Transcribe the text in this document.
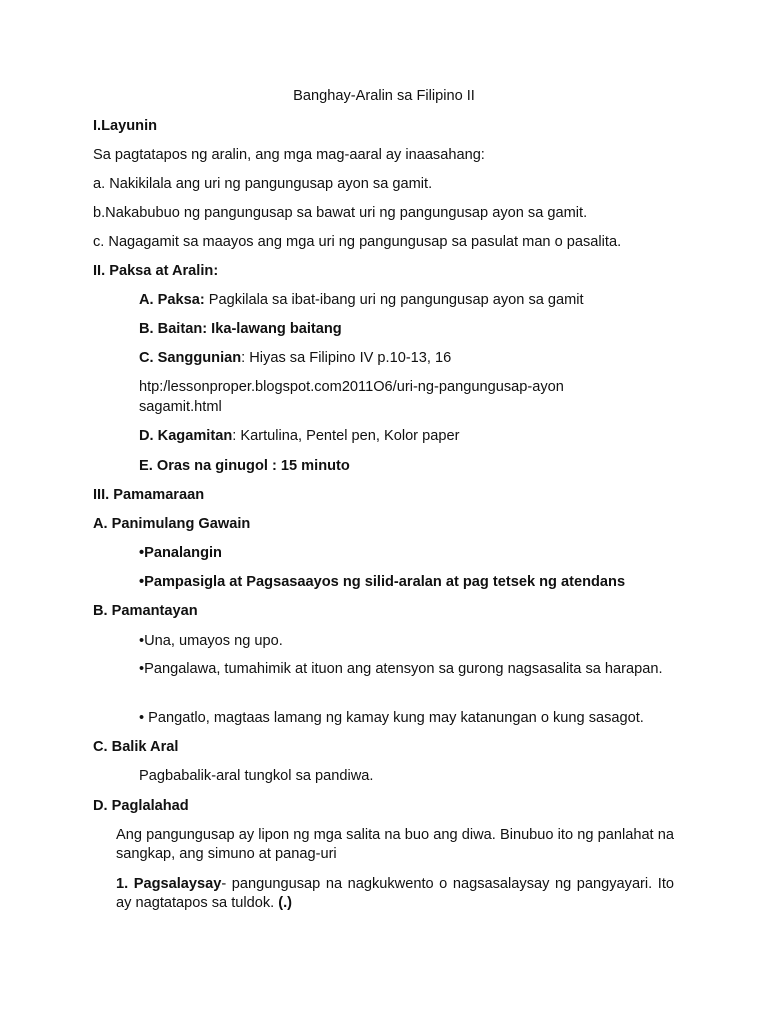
Banghay-Aralin sa Filipino II
I.Layunin
Sa pagtatapos ng aralin, ang mga mag-aaral ay inaasahang:
a. Nakikilala ang uri ng pangungusap ayon sa gamit.
b.Nakabubuo ng pangungusap sa bawat uri ng pangungusap ayon sa gamit.
c. Nagagamit sa maayos ang mga uri ng pangungusap sa pasulat man o pasalita.
II. Paksa at Aralin:
A. Paksa: Pagkilala sa ibat-ibang uri ng pangungusap ayon sa gamit
B. Baitan: Ika-lawang baitang
C. Sanggunian: Hiyas sa Filipino IV p.10-13, 16
htp:/lessonproper.blogspot.com2011O6/uri-ng-pangungusap-ayon
sagamit.html
D. Kagamitan: Kartulina, Pentel pen, Kolor paper
E. Oras na ginugol : 15 minuto
III. Pamamaraan
A. Panimulang Gawain
•Panalangin
•Pampasigla at Pagsasaayos ng silid-aralan at pag tetsek ng atendans
B. Pamantayan
•Una, umayos ng upo.
•Pangalawa, tumahimik at ituon ang atensyon sa gurong nagsasalita sa harapan.
• Pangatlo, magtaas lamang ng kamay kung may katanungan o kung sasagot.
C. Balik Aral
Pagbabalik-aral tungkol sa pandiwa.
D. Paglalahad
Ang pangungusap ay lipon ng mga salita na buo ang diwa. Binubuo ito ng panlahat na sangkap, ang simuno at panag-uri
1. Pagsalaysay- pangungusap na nagkukwento o nagsasalaysay ng pangyayari. Ito ay nagtatapos sa tuldok. (.)
